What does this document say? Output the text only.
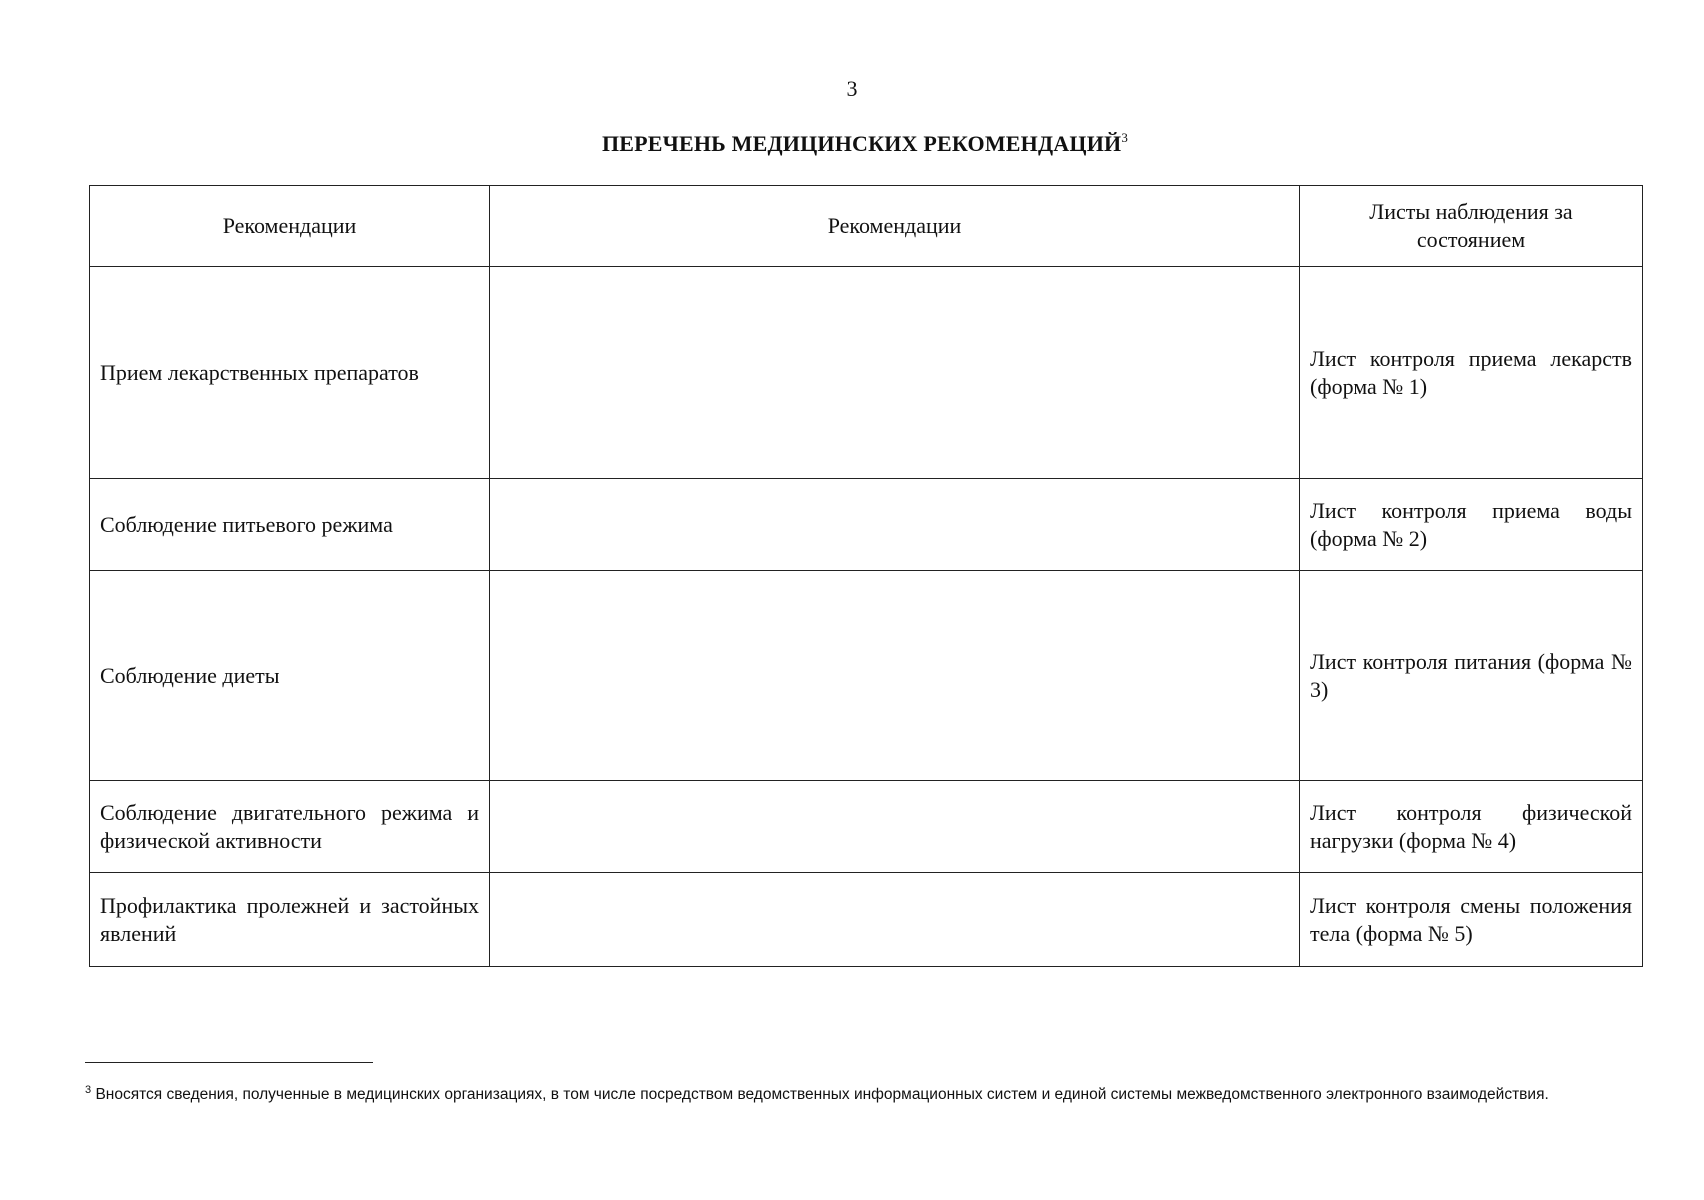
3
ПЕРЕЧЕНЬ МЕДИЦИНСКИХ РЕКОМЕНДАЦИЙ$^3$
Рекомендации	Рекомендации	Листы наблюдения за состоянием
Прием лекарственных препаратов		Лист контроля приема лекарств (форма № 1)
Соблюдение питьевого режима		Лист контроля приема воды (форма № 2)
Соблюдение диеты		Лист контроля питания (форма № 3)
Соблюдение двигательного режима и физической активности		Лист контроля физической нагрузки (форма № 4)
Профилактика пролежней и застойных явлений		Лист контроля смены положения тела (форма № 5)
$^3$ Вносятся сведения, полученные в медицинских организациях, в том числе посредством ведомственных информационных систем и единой системы межведомственного электронного взаимодействия.
